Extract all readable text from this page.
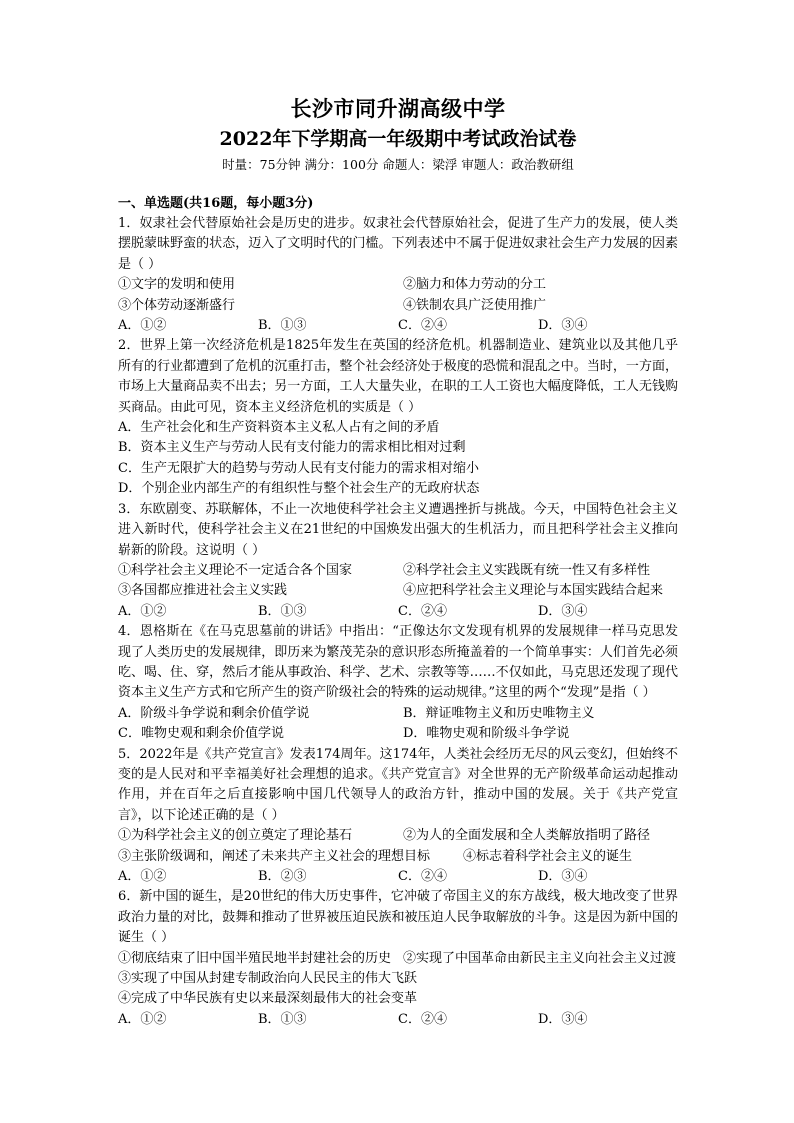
长沙市同升湖高级中学

2022年下学期高一年级期中考试政治试卷

时量：75分钟 满分：100分 命题人：梁浮 审题人：政治教研组

一、单选题(共16题，每小题3分)

1．奴隶社会代替原始社会是历史的进步。奴隶社会代替原始社会，促进了生产力的发展，使人类摆脱蒙昧野蛮的状态，迈入了文明时代的门槛。下列表述中不属于促进奴隶社会生产力发展的因素是（ ）

①文字的发明和使用	②脑力和体力劳动的分工
③个体劳动逐渐盛行	④铁制农具广泛使用推广
A．①②	B．①③	C．②④	D．③④

2．世界上第一次经济危机是1825年发生在英国的经济危机。机器制造业、建筑业以及其他几乎所有的行业都遭到了危机的沉重打击，整个社会经济处于极度的恐慌和混乱之中。当时，一方面，市场上大量商品卖不出去；另一方面，工人大量失业，在职的工人工资也大幅度降低，工人无钱购买商品。由此可见，资本主义经济危机的实质是（ ）

A．生产社会化和生产资料资本主义私人占有之间的矛盾

B．资本主义生产与劳动人民有支付能力的需求相比相对过剩

C．生产无限扩大的趋势与劳动人民有支付能力的需求相对缩小

D．个别企业内部生产的有组织性与整个社会生产的无政府状态

3．东欧剧变、苏联解体，不止一次地使科学社会主义遭遇挫折与挑战。今天，中国特色社会主义进入新时代，使科学社会主义在21世纪的中国焕发出强大的生机活力，而且把科学社会主义推向崭新的阶段。这说明（ ）

①科学社会主义理论不一定适合各个国家	②科学社会主义实践既有统一性又有多样性
③各国都应推进社会主义实践	④应把科学社会主义理论与本国实践结合起来
A．①②	B．①③	C．②④	D．③④

4．恩格斯在《在马克思墓前的讲话》中指出：“正像达尔文发现有机界的发展规律一样马克思发现了人类历史的发展规律，即历来为繁茂芜杂的意识形态所掩盖着的一个简单事实：人们首先必须吃、喝、住、穿，然后才能从事政治、科学、艺术、宗教等等……不仅如此，马克思还发现了现代资本主义生产方式和它所产生的资产阶级社会的特殊的运动规律。”这里的两个“发现”是指（ ）

A．阶级斗争学说和剩余价值学说	B．辩证唯物主义和历史唯物主义
C．唯物史观和剩余价值学说	D．唯物史观和阶级斗争学说

5．2022年是《共产党宣言》发表174周年。这174年，人类社会经历无尽的风云变幻，但始终不变的是人民对和平幸福美好社会理想的追求。《共产党宣言》对全世界的无产阶级革命运动起推动作用，并在百年之后直接影响中国几代领导人的政治方针，推动中国的发展。关于《共产党宣言》，以下论述正确的是（ ）

①为科学社会主义的创立奠定了理论基石	②为人的全面发展和全人类解放指明了路径
③主张阶级调和，阐述了未来共产主义社会的理想目标	④标志着科学社会主义的诞生
A．①②	B．②③	C．②④	D．③④

6．新中国的诞生，是20世纪的伟大历史事件，它冲破了帝国主义的东方战线，极大地改变了世界政治力量的对比，鼓舞和推动了世界被压迫民族和被压迫人民争取解放的斗争。这是因为新中国的诞生（ ）

①彻底结束了旧中国半殖民地半封建社会的历史 ②实现了中国革命由新民主主义向社会主义过渡

③实现了中国从封建专制政治向人民民主的伟大飞跃

④完成了中华民族有史以来最深刻最伟大的社会变革

A．①②	B．①③	C．②④	D．③④
